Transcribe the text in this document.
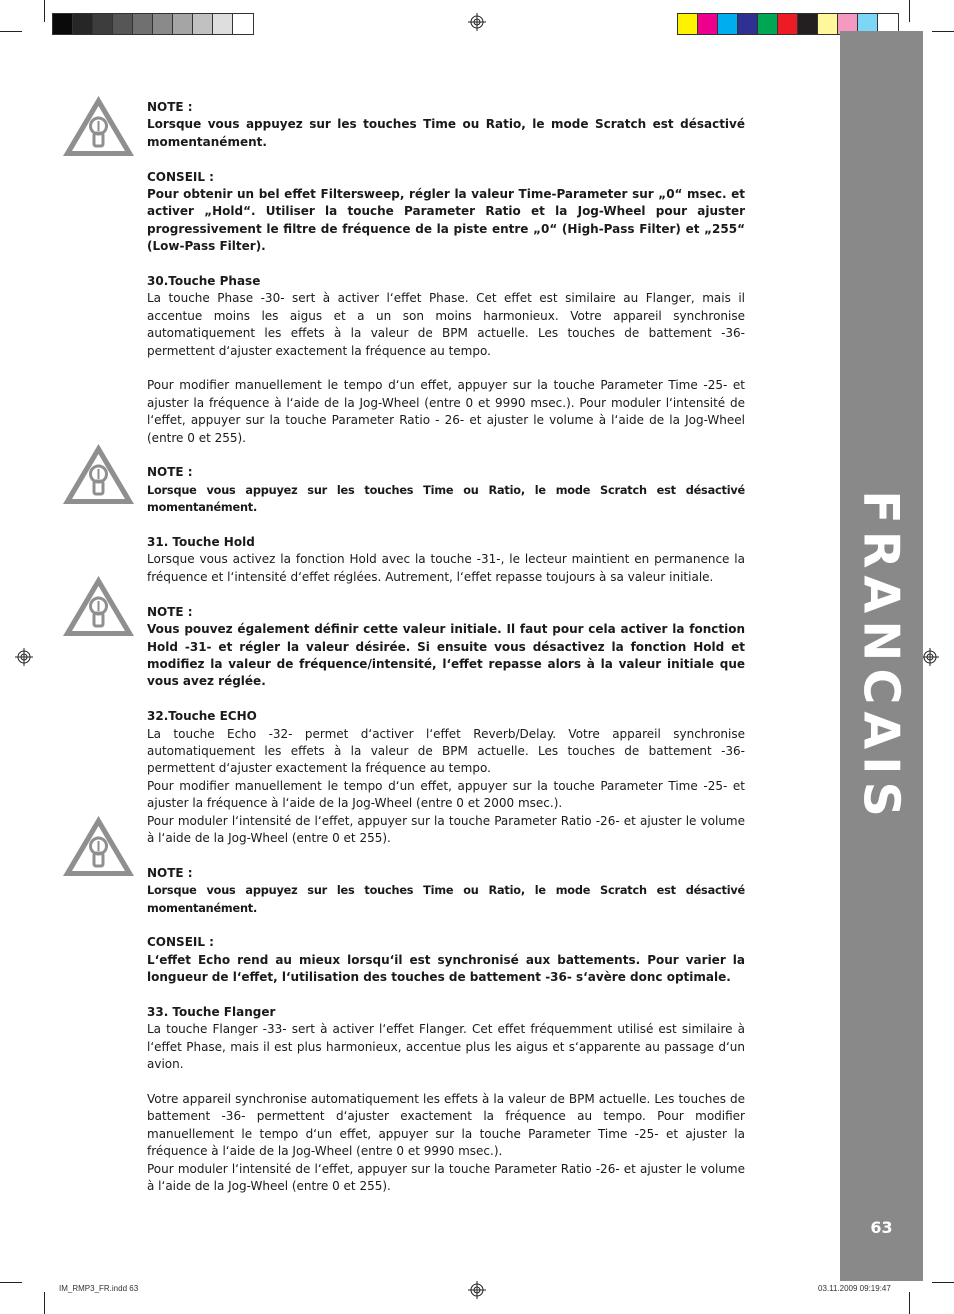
FRANCAIS
63
NOTE :
Lorsque vous appuyez sur les touches Time ou Ratio, le mode Scratch est désactivé momentanément.
CONSEIL :
Pour obtenir un bel effet Filtersweep, régler la valeur Time-Parameter sur „0“ msec. et activer „Hold“. Utiliser la touche Parameter Ratio et la Jog-Wheel pour ajuster progressivement le filtre de fréquence de la piste entre „0“ (High-Pass Filter) et „255“ (Low-Pass Filter).
30.Touche Phase
La touche Phase -30- sert à activer l‘effet Phase. Cet effet est similaire au Flanger, mais il accentue moins les aigus et a un son moins harmonieux. Votre appareil synchronise automatiquement les effets à la valeur de BPM actuelle. Les touches de battement -36- permettent d‘ajuster exactement la fréquence au tempo.
Pour modifier manuellement le tempo d‘un effet, appuyer sur la touche Parameter Time -25- et ajuster la fréquence à l‘aide de la Jog-Wheel (entre 0 et 9990 msec.). Pour moduler l‘intensité de l‘effet, appuyer sur la touche Parameter Ratio - 26- et ajuster le volume à l‘aide de la Jog-Wheel (entre 0 et 255).
NOTE :
Lorsque vous appuyez sur les touches Time ou Ratio, le mode Scratch est désactivé momentanément.
31. Touche Hold
Lorsque vous activez la fonction Hold avec la touche -31-, le lecteur maintient en permanence la fréquence et l‘intensité d‘effet réglées. Autrement, l‘effet repasse toujours à sa valeur initiale.
NOTE :
Vous pouvez également définir cette valeur initiale. Il faut pour cela activer la fonction Hold -31- et régler la valeur désirée. Si ensuite vous désactivez la fonction Hold et modifiez la valeur de fréquence/intensité, l‘effet repasse alors à la valeur initiale que vous avez réglée.
32.Touche ECHO
La touche Echo -32- permet d‘activer l‘effet Reverb/Delay. Votre appareil synchronise automatiquement les effets à la valeur de BPM actuelle. Les touches de battement -36- permettent d‘ajuster exactement la fréquence au tempo.
Pour modifier manuellement le tempo d‘un effet, appuyer sur la touche Parameter Time -25- et ajuster la fréquence à l‘aide de la Jog-Wheel (entre 0 et 2000 msec.).
Pour moduler l‘intensité de l‘effet, appuyer sur la touche Parameter Ratio -26- et ajuster le volume à l‘aide de la Jog-Wheel (entre 0 et 255).
NOTE :
Lorsque vous appuyez sur les touches Time ou Ratio, le mode Scratch est désactivé momentanément.
CONSEIL :
L‘effet Echo rend au mieux lorsqu‘il est synchronisé aux battements. Pour varier la longueur de l‘effet, l‘utilisation des touches de battement -36- s‘avère donc optimale.
33. Touche Flanger
La touche Flanger -33- sert à activer l‘effet Flanger. Cet effet fréquemment utilisé est similaire à l‘effet Phase, mais il est plus harmonieux, accentue plus les aigus et s‘apparente au passage d‘un avion.
Votre appareil synchronise automatiquement les effets à la valeur de BPM actuelle. Les touches de battement -36- permettent d‘ajuster exactement la fréquence au tempo. Pour modifier manuellement le tempo d‘un effet, appuyer sur la touche Parameter Time -25- et ajuster la fréquence à l‘aide de la Jog-Wheel (entre 0 et 9990 msec.).
Pour moduler l‘intensité de l‘effet, appuyer sur la touche Parameter Ratio -26- et ajuster le volume à l‘aide de la Jog-Wheel (entre 0 et 255).
IM_RMP3_FR.indd 63	03.11.2009 09:19:47
